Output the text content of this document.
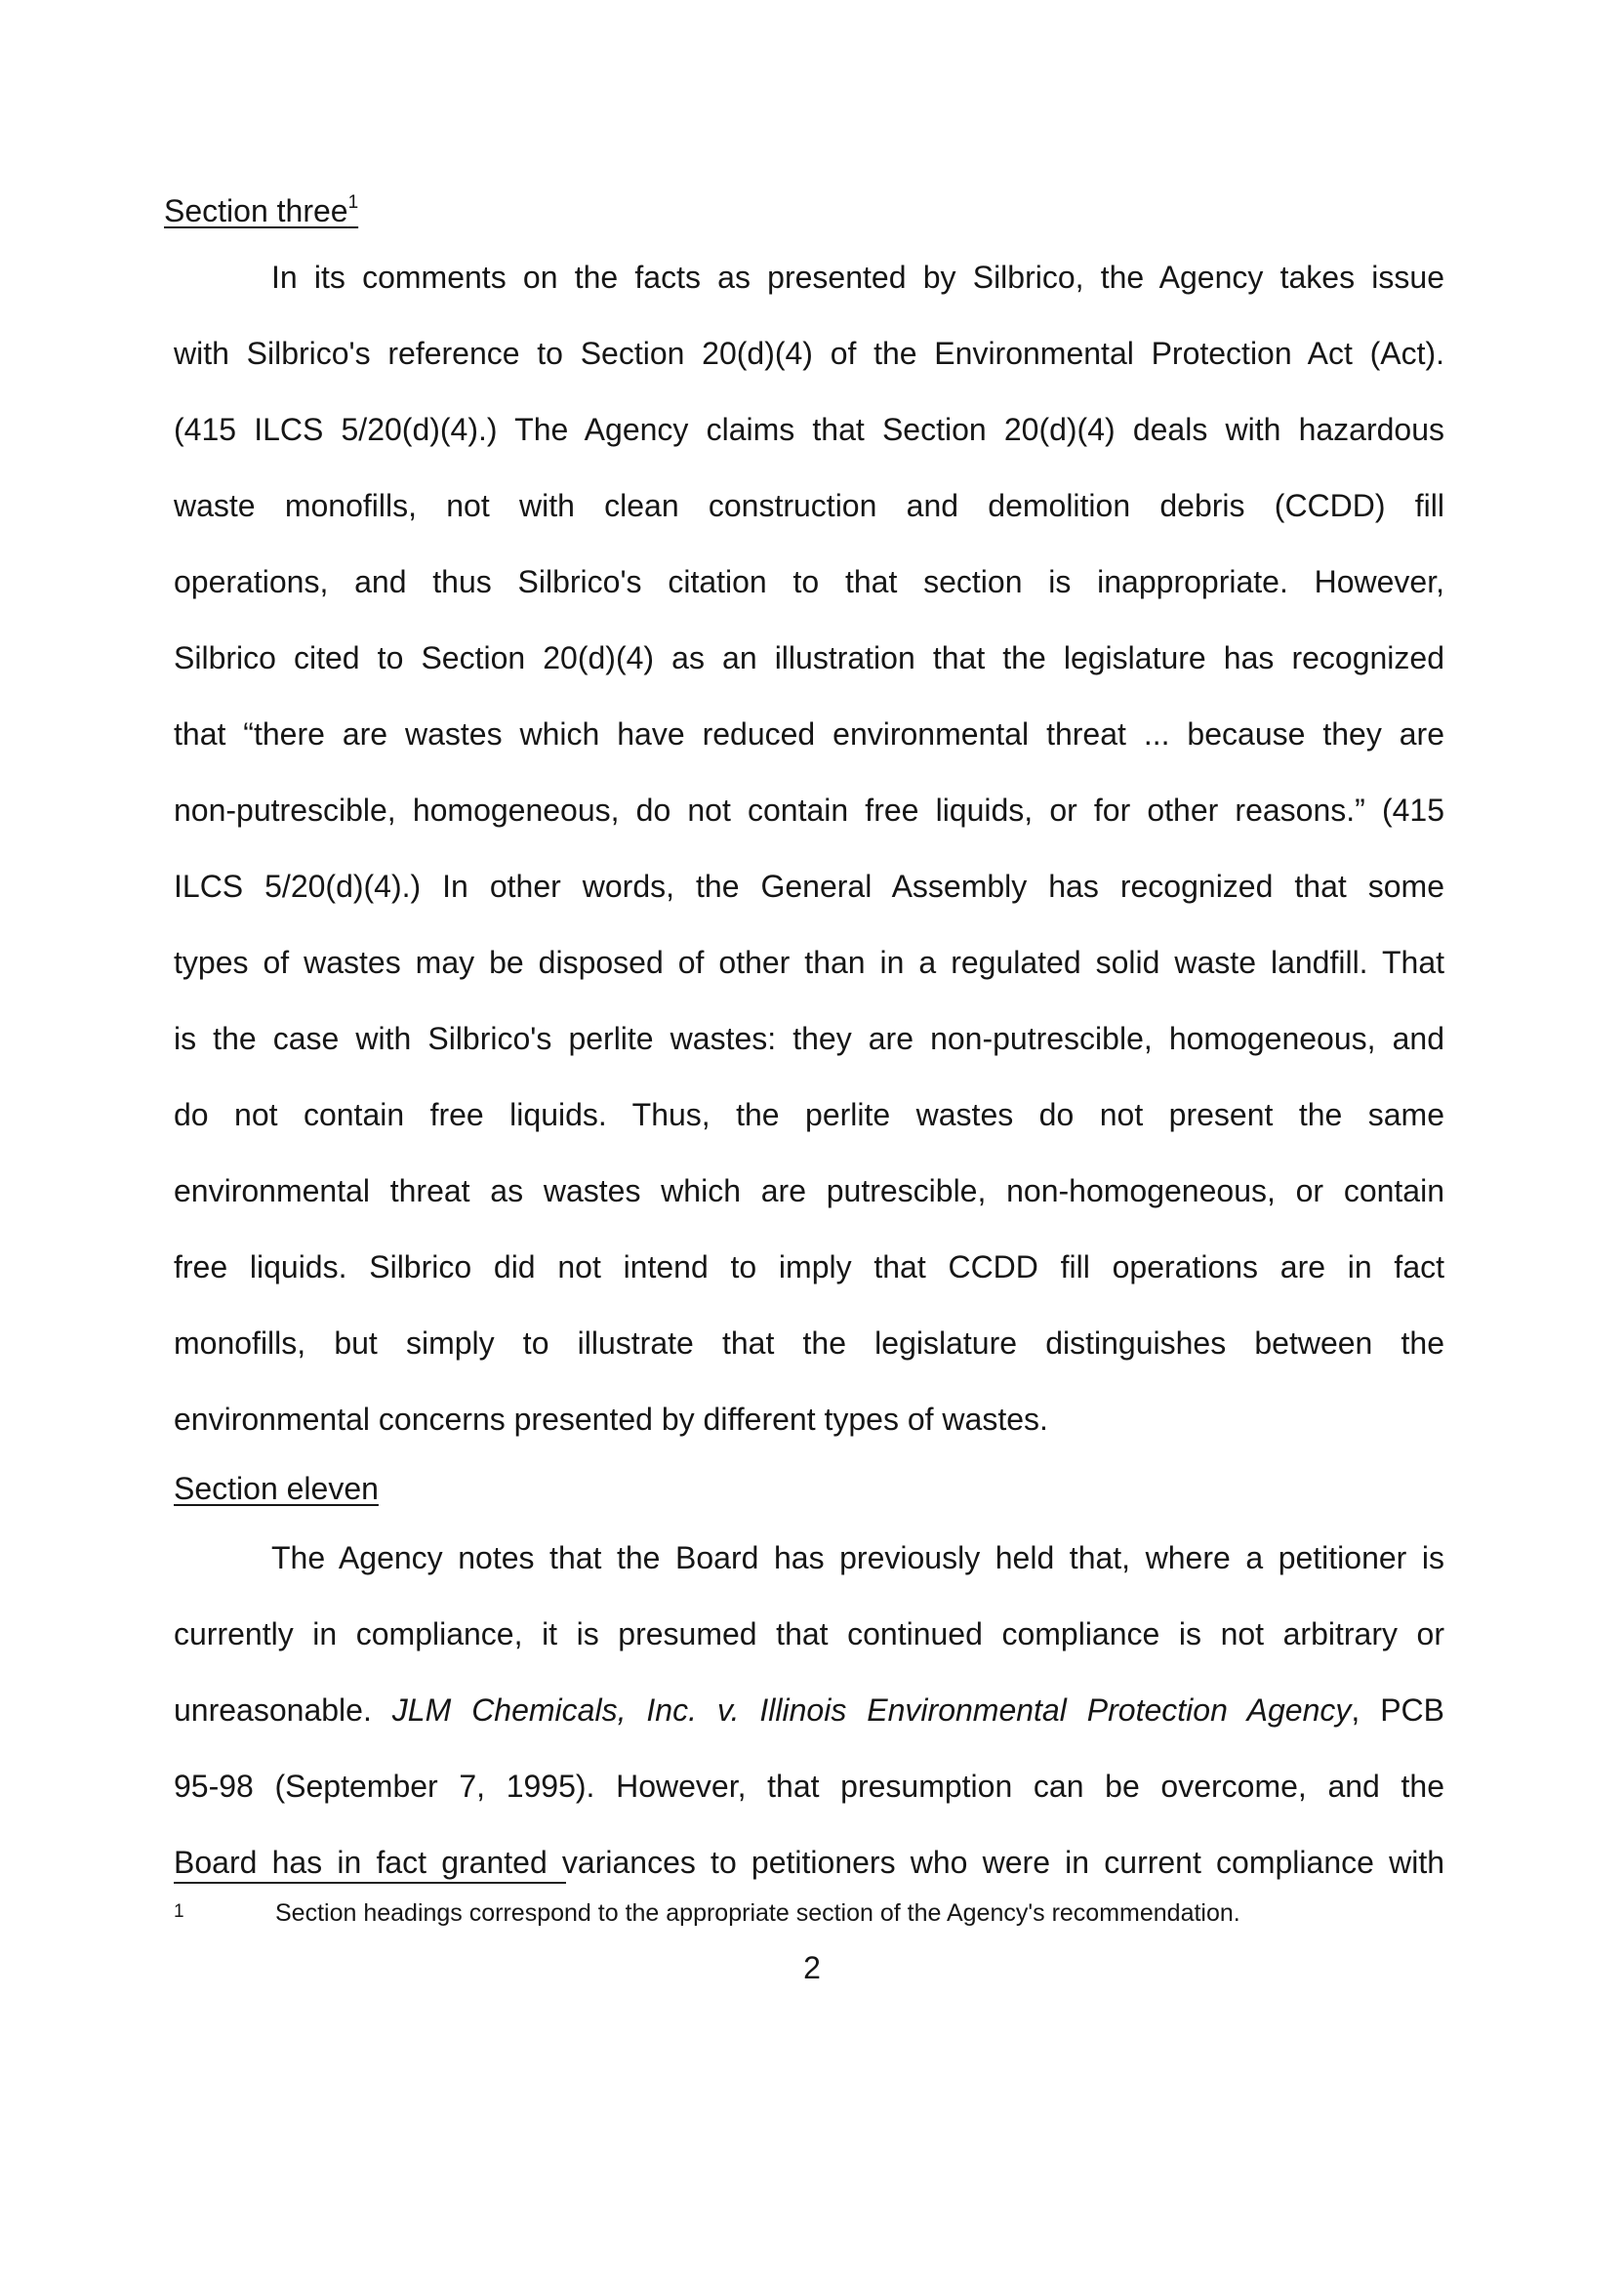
Section three$^1$
In its comments on the facts as presented by Silbrico, the Agency takes issue
with Silbrico's reference to Section 20(d)(4) of the Environmental Protection Act (Act).
(415 ILCS 5/20(d)(4).) The Agency claims that Section 20(d)(4) deals with hazardous
waste monofills, not with clean construction and demolition debris (CCDD) fill
operations, and thus Silbrico's citation to that section is inappropriate. However,
Silbrico cited to Section 20(d)(4) as an illustration that the legislature has recognized
that “there are wastes which have reduced environmental threat ... because they are
non-putrescible, homogeneous, do not contain free liquids, or for other reasons.” (415
ILCS 5/20(d)(4).) In other words, the General Assembly has recognized that some
types of wastes may be disposed of other than in a regulated solid waste landfill. That
is the case with Silbrico's perlite wastes: they are non-putrescible, homogeneous, and
do not contain free liquids. Thus, the perlite wastes do not present the same
environmental threat as wastes which are putrescible, non-homogeneous, or contain
free liquids. Silbrico did not intend to imply that CCDD fill operations are in fact
monofills, but simply to illustrate that the legislature distinguishes between the
environmental concerns presented by different types of wastes.
Section eleven
The Agency notes that the Board has previously held that, where a petitioner is
currently in compliance, it is presumed that continued compliance is not arbitrary or
unreasonable. JLM Chemicals, Inc. v. Illinois Environmental Protection Agency, PCB
95-98 (September 7, 1995). However, that presumption can be overcome, and the
Board has in fact granted variances to petitioners who were in current compliance with
1	Section headings correspond to the appropriate section of the Agency's recommendation.
2
